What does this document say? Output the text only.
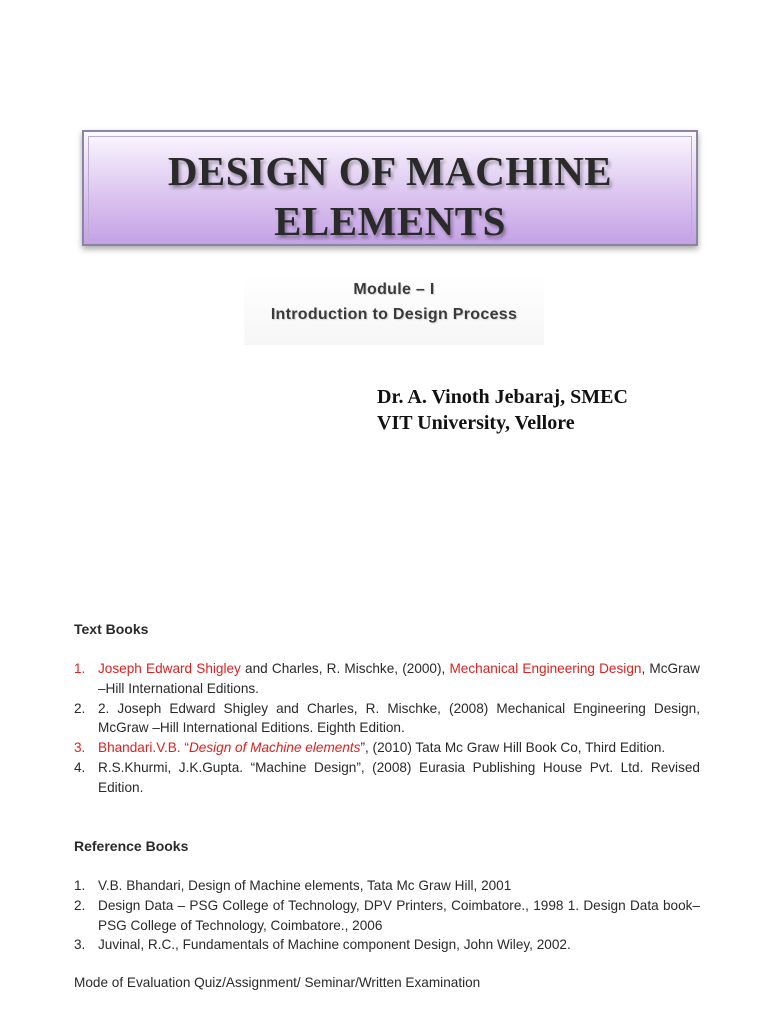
DESIGN OF MACHINE
ELEMENTS
Module – I
Introduction to Design Process
Dr. A. Vinoth Jebaraj, SMEC
VIT University, Vellore
Text Books
1. Joseph Edward Shigley and Charles, R. Mischke, (2000), Mechanical Engineering Design, McGraw –Hill International Editions.
2. 2. Joseph Edward Shigley and Charles, R. Mischke, (2008) Mechanical Engineering Design, McGraw –Hill International Editions. Eighth Edition.
3. Bhandari.V.B. “Design of Machine elements”, (2010) Tata Mc Graw Hill Book Co, Third Edition.
4. R.S.Khurmi, J.K.Gupta. “Machine Design”, (2008) Eurasia Publishing House Pvt. Ltd. Revised Edition.
Reference Books
1. V.B. Bhandari, Design of Machine elements, Tata Mc Graw Hill, 2001
2. Design Data – PSG College of Technology, DPV Printers, Coimbatore., 1998 1. Design Data book– PSG College of Technology, Coimbatore., 2006
3. Juvinal, R.C., Fundamentals of Machine component Design, John Wiley, 2002.
Mode of Evaluation Quiz/Assignment/ Seminar/Written Examination
